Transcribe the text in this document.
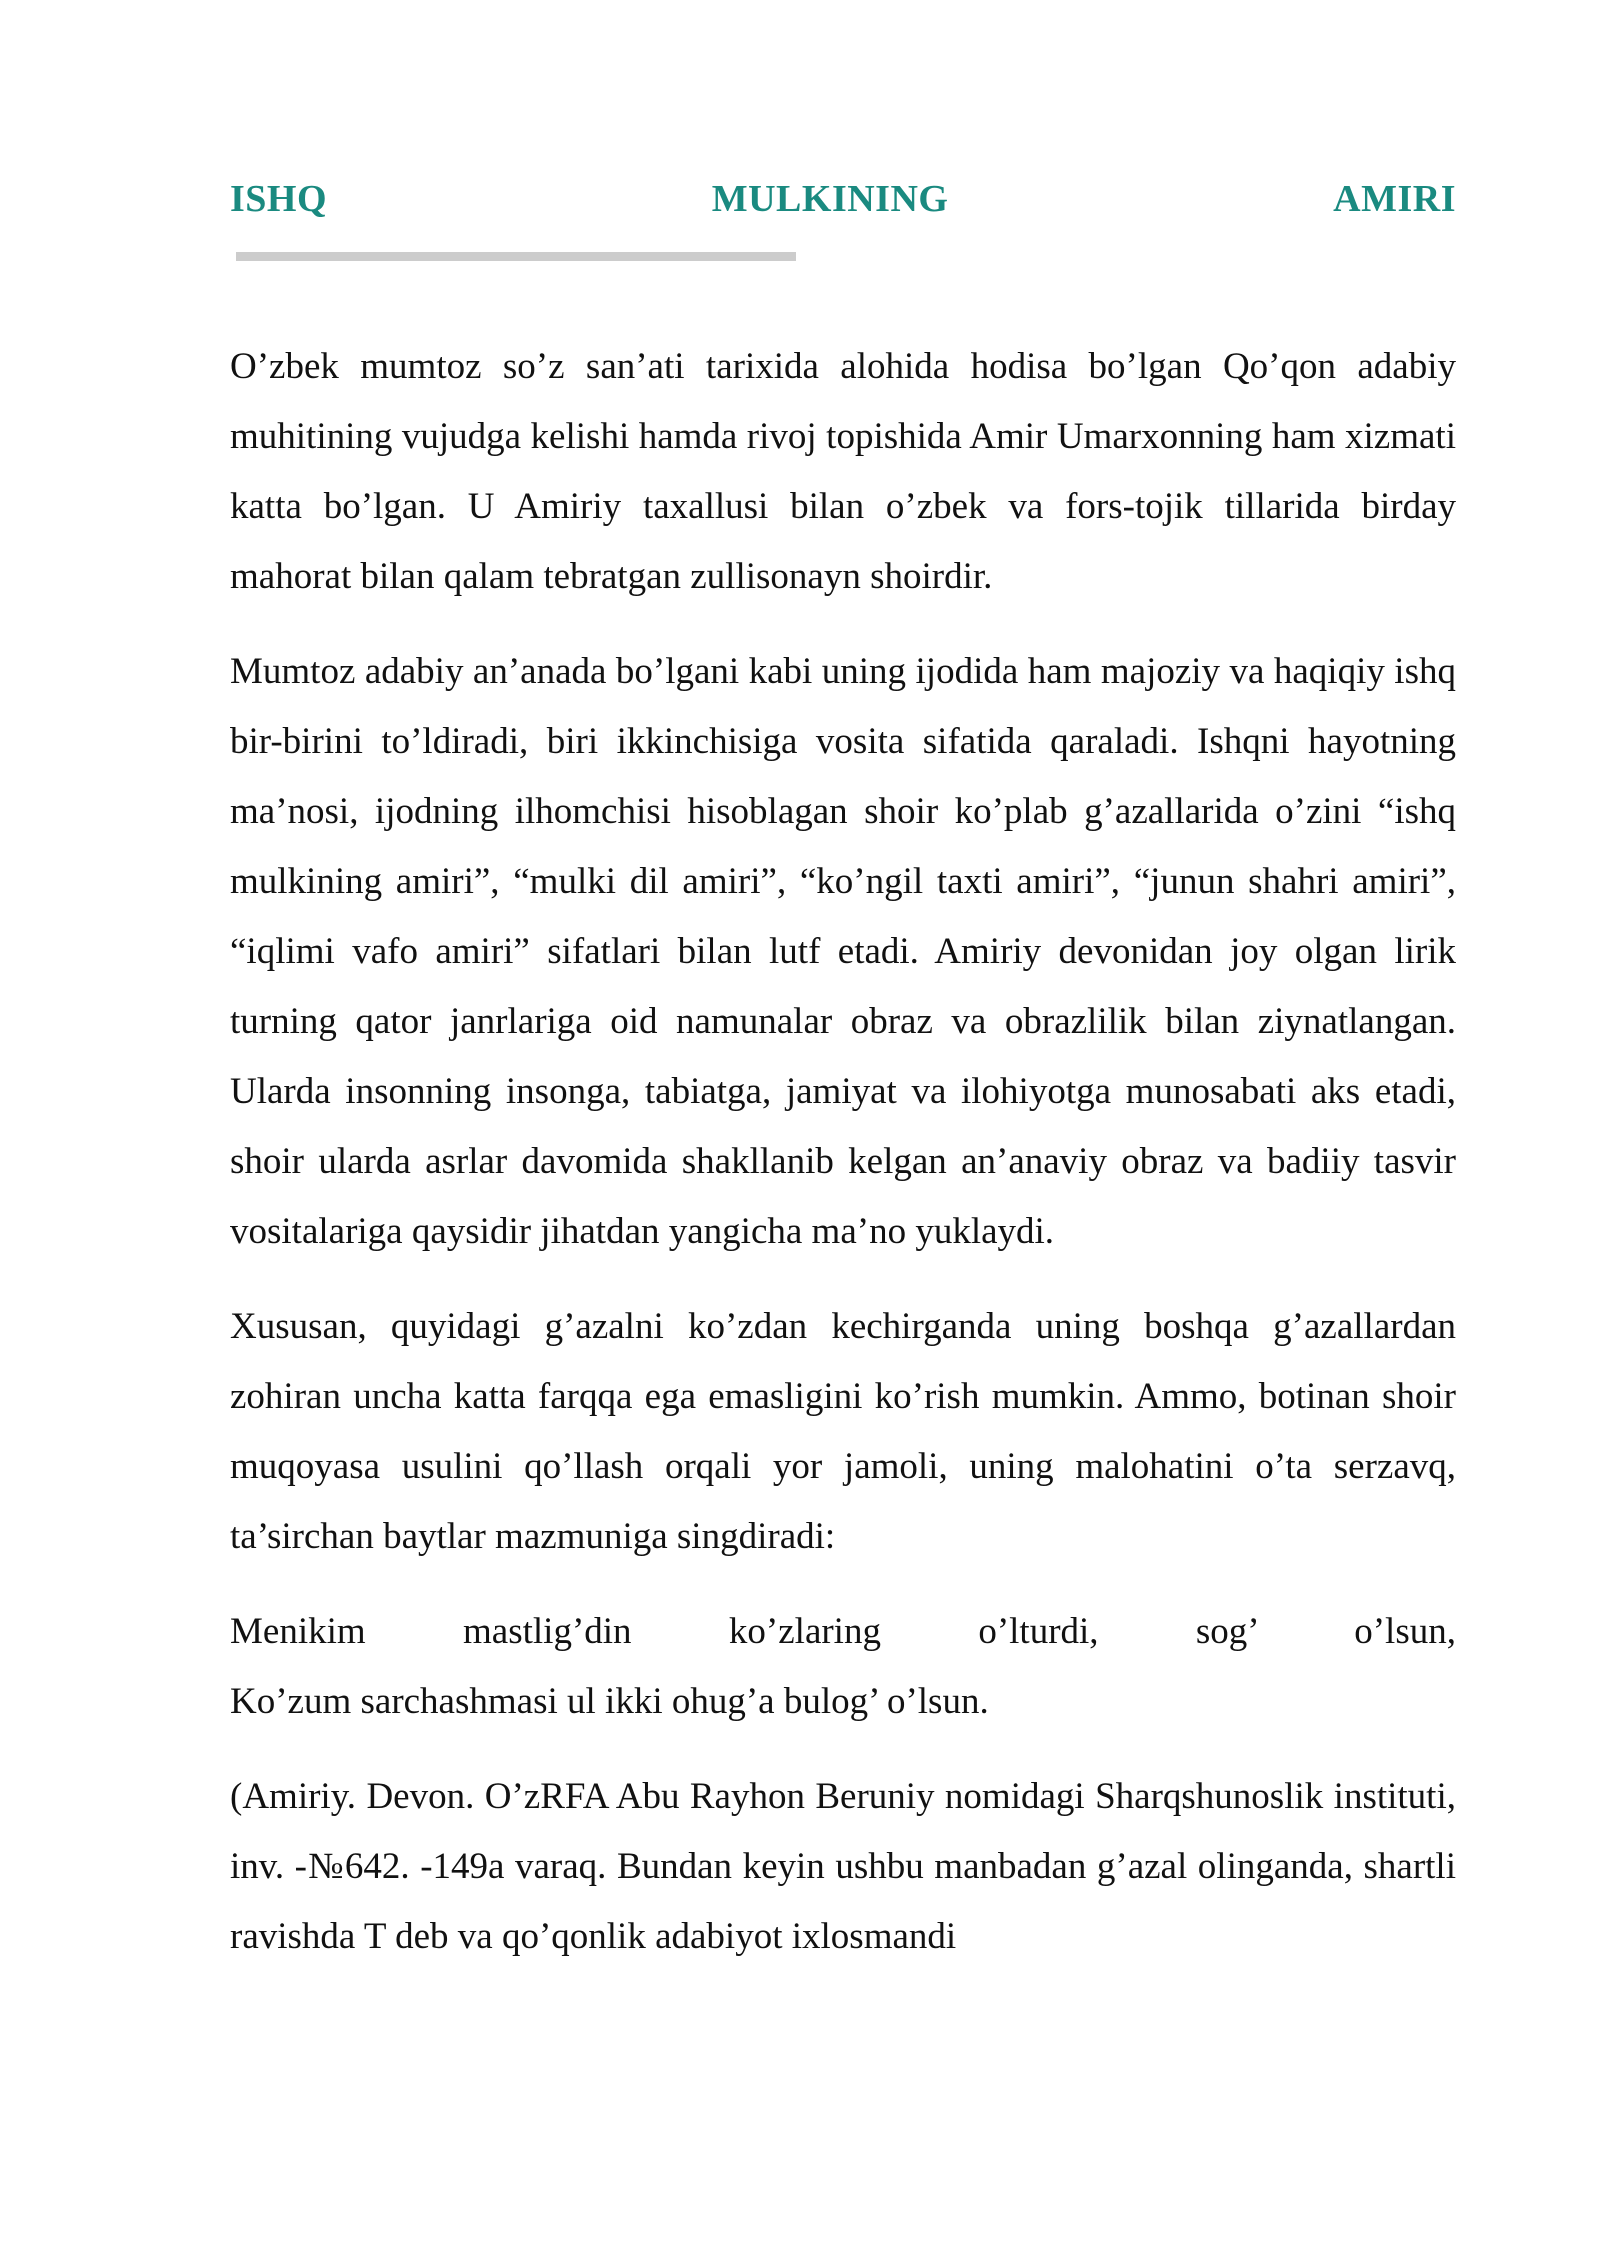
ISHQ	MULKINING	AMIRI

O’zbek mumtoz so’z san’ati tarixida alohida hodisa bo’lgan Qo’qon adabiy muhitining vujudga kelishi hamda rivoj topishida Amir Umarxonning ham xizmati katta bo’lgan. U Amiriy taxallusi bilan o’zbek va fors-tojik tillarida birday mahorat bilan qalam tebratgan zullisonayn shoirdir.

Mumtoz adabiy an’anada bo’lgani kabi uning ijodida ham majoziy va haqiqiy ishq bir-birini to’ldiradi, biri ikkinchisiga vosita sifatida qaraladi. Ishqni hayotning ma’nosi, ijodning ilhomchisi hisoblagan shoir ko’plab g’azallarida o’zini “ishq mulkining amiri”, “mulki dil amiri”, “ko’ngil taxti amiri”, “junun shahri amiri”, “iqlimi vafo amiri” sifatlari bilan lutf etadi. Amiriy devonidan joy olgan lirik turning qator janrlariga oid namunalar obraz va obrazlilik bilan ziynatlangan. Ularda insonning insonga, tabiatga, jamiyat va ilohiyotga munosabati aks etadi, shoir ularda asrlar davomida shakllanib kelgan an’anaviy obraz va badiiy tasvir vositalariga qaysidir jihatdan yangicha ma’no yuklaydi.

Xususan, quyidagi g’azalni ko’zdan kechirganda uning boshqa g’azallardan zohiran uncha katta farqqa ega emasligini ko’rish mumkin. Ammo, botinan shoir muqoyasa usulini qo’llash orqali yor jamoli, uning malohatini o’ta serzavq, ta’sirchan baytlar mazmuniga singdiradi:

Menikim mastlig’din ko’zlaring o’lturdi, sog’ o’lsun,
Ko’zum sarchashmasi ul ikki ohug’a bulog’ o’lsun.

(Amiriy. Devon. O’zRFA Abu Rayhon Beruniy nomidagi Sharqshunoslik instituti, inv. -№642. -149a varaq. Bundan keyin ushbu manbadan g’azal olinganda, shartli ravishda T deb va qo’qonlik adabiyot ixlosmandi
